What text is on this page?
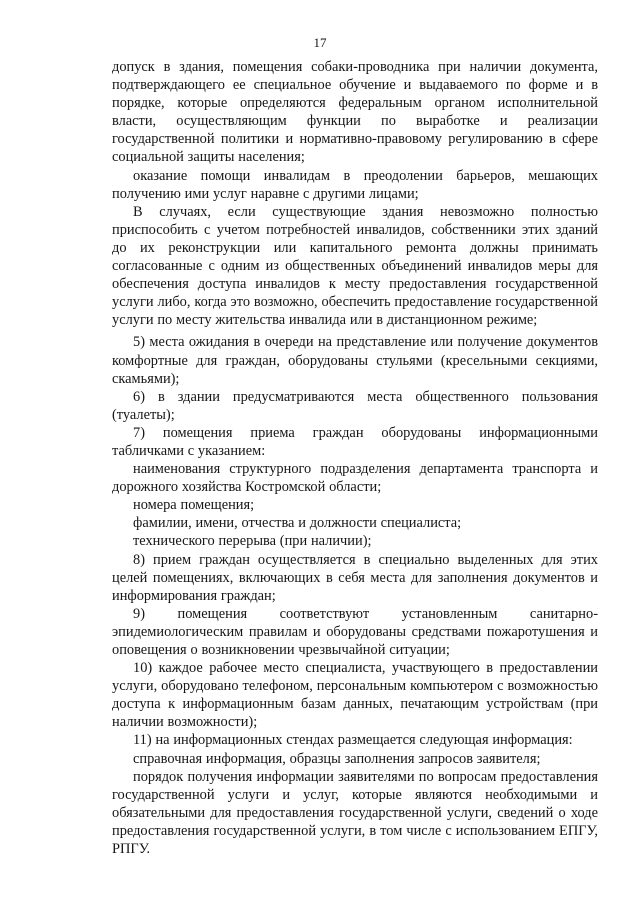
17

допуск в здания, помещения собаки-проводника при наличии документа, подтверждающего ее специальное обучение и выдаваемого по форме и в порядке, которые определяются федеральным органом исполнительной власти, осуществляющим функции по выработке и реализации государственной политики и нормативно-правовому регулированию в сфере социальной защиты населения;

оказание помощи инвалидам в преодолении барьеров, мешающих получению ими услуг наравне с другими лицами;

В случаях, если существующие здания невозможно полностью приспособить с учетом потребностей инвалидов, собственники этих зданий до их реконструкции или капитального ремонта должны принимать согласованные с одним из общественных объединений инвалидов меры для обеспечения доступа инвалидов к месту предоставления государственной услуги либо, когда это возможно, обеспечить предоставление государственной услуги по месту жительства инвалида или в дистанционном режиме;

5) места ожидания в очереди на представление или получение документов комфортные для граждан, оборудованы стульями (кресельными секциями, скамьями);

6) в здании предусматриваются места общественного пользования (туалеты);

7) помещения приема граждан оборудованы информационными табличками с указанием:

наименования структурного подразделения департамента транспорта и дорожного хозяйства Костромской области;

номера помещения;

фамилии, имени, отчества и должности специалиста;

технического перерыва (при наличии);

8) прием граждан осуществляется в специально выделенных для этих целей помещениях, включающих в себя места для заполнения документов и информирования граждан;

9) помещения соответствуют установленным санитарно-эпидемиологическим правилам и оборудованы средствами пожаротушения и оповещения о возникновении чрезвычайной ситуации;

10) каждое рабочее место специалиста, участвующего в предоставлении услуги, оборудовано телефоном, персональным компьютером с возможностью доступа к информационным базам данных, печатающим устройствам (при наличии возможности);

11) на информационных стендах размещается следующая информация:

справочная информация, образцы заполнения запросов заявителя;

порядок получения информации заявителями по вопросам предоставления государственной услуги и услуг, которые являются необходимыми и обязательными для предоставления государственной услуги, сведений о ходе предоставления государственной услуги, в том числе с использованием ЕПГУ, РПГУ.
